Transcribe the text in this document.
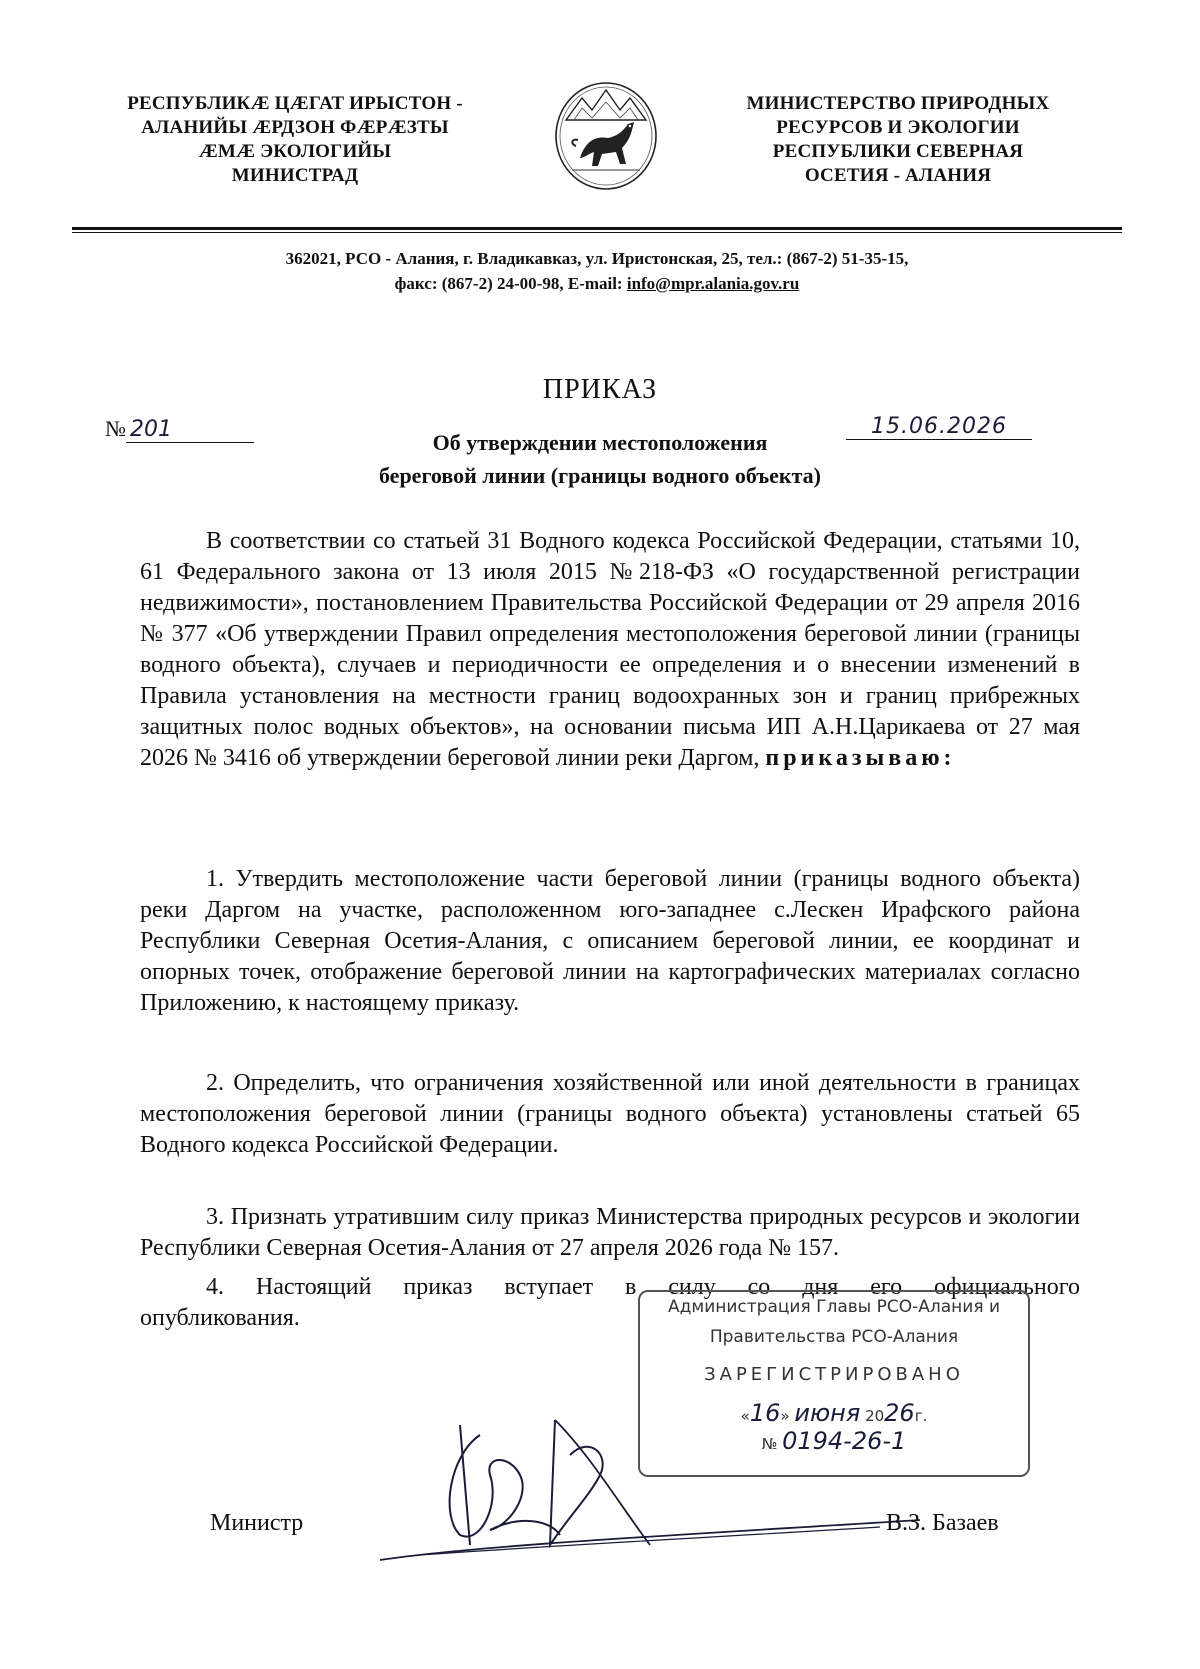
РЕСПУБЛИКӔ ЦӔГАТ ИРЫСТОН -
АЛАНИЙЫ ӔРДЗОН ФӔРӔЗТЫ
ӔМӔ ЭКОЛОГИЙЫ
МИНИСТРАД
МИНИСТЕРСТВО ПРИРОДНЫХ
РЕСУРСОВ И ЭКОЛОГИИ
РЕСПУБЛИКИ СЕВЕРНАЯ
ОСЕТИЯ - АЛАНИЯ
362021, РСО - Алания, г. Владикавказ, ул. Иристонская, 25, тел.: (867-2) 51-35-15,
факс: (867-2) 24-00-98, E-mail: info@mpr.alania.gov.ru
ПРИКАЗ
№ 201	15.06.2026
Об утверждении местоположения
береговой линии (границы водного объекта)
В соответствии со статьей 31 Водного кодекса Российской Федерации, статьями 10, 61 Федерального закона от 13 июля 2015 №218-ФЗ «О государственной регистрации недвижимости», постановлением Правительства Российской Федерации от 29 апреля 2016 № 377 «Об утверждении Правил определения местоположения береговой линии (границы водного объекта), случаев и периодичности ее определения и о внесении изменений в Правила установления на местности границ водоохранных зон и границ прибрежных защитных полос водных объектов», на основании письма ИП А.Н.Царикаева от 27 мая 2026 № 3416 об утверждении береговой линии реки Даргом, приказываю:
1. Утвердить местоположение части береговой линии (границы водного объекта) реки Даргом на участке, расположенном юго-западнее с.Лескен Ирафского района Республики Северная Осетия-Алания, с описанием береговой линии, ее координат и опорных точек, отображение береговой линии на картографических материалах согласно Приложению, к настоящему приказу.
2. Определить, что ограничения хозяйственной или иной деятельности в границах местоположения береговой линии (границы водного объекта) установлены статьей 65 Водного кодекса Российской Федерации.
3. Признать утратившим силу приказ Министерства природных ресурсов и экологии Республики Северная Осетия-Алания от 27 апреля 2026 года № 157.
4. Настоящий приказ вступает в силу со дня его официального
опубликования.	Администрация Главы РСО-Алания и
Правительства РСО-Алания
ЗАРЕГИСТРИРОВАНО
«16» июня 2026г.
№ 0194-26-1
Министр	В.З. Базаев
